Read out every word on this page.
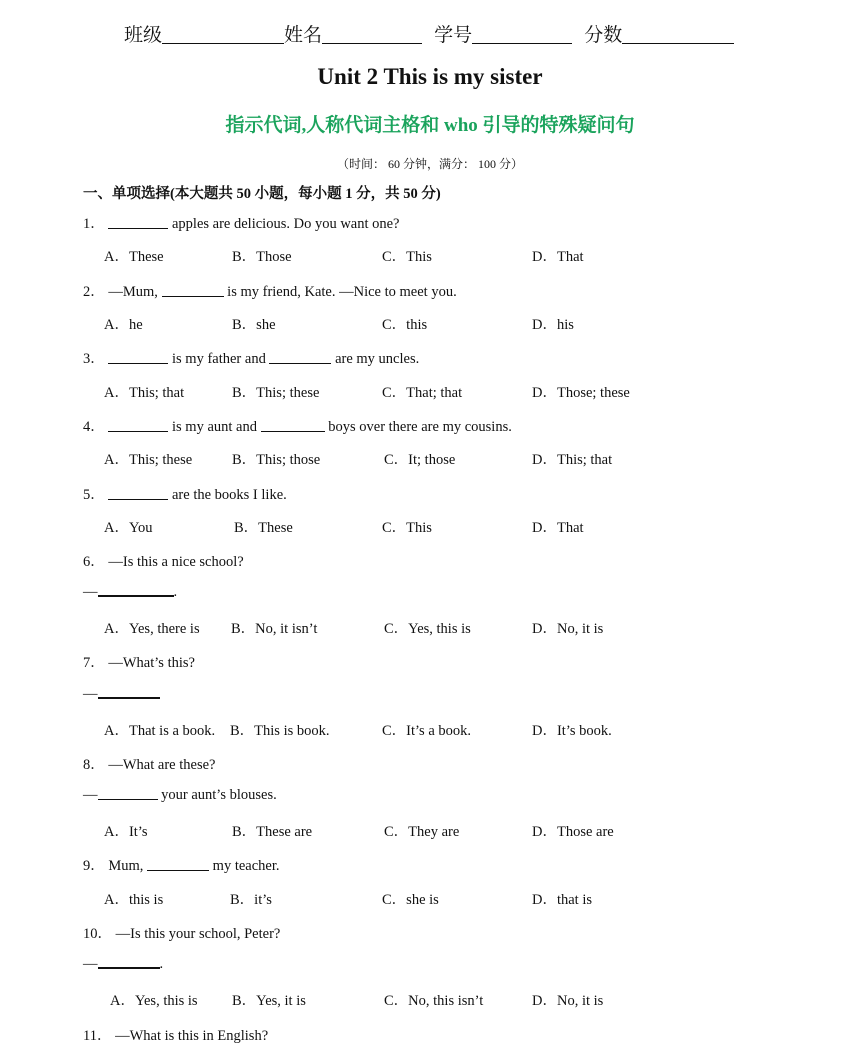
班级	姓名	学号	分数
Unit 2 This is my sister
指示代词,人称代词主格和 who 引导的特殊疑问句
（时间： 60 分钟，满分： 100 分）
一、单项选择(本大题共 50 小题，每小题 1 分，共 50 分)
1．	apples are delicious. Do you want one?
A．These	B．Those	C．This	D．That
2． —Mum,	is my friend, Kate. —Nice to meet you.
A．he	B．she	C．this	D．his
3．	is my father and	are my uncles.
A．This; that	B．This; these	C．That; that	D．Those; these
4．	is my aunt and	boys over there are my cousins.
A．This; these	B．This; those	C．It; those	D．This; that
5．	are the books I like.
A．You	B．These	C．This	D．That
6． —Is this a nice school?
—	.
A．Yes, there is B．No, it isn’t	C．Yes, this is	D．No, it is
7． —What’s this?
—
A．That is a book. B．This is book.	C．It’s a book.	D．It’s book.
8． —What are these?
—	your aunt’s blouses.
A．It’s	B．These are	C．They are	D．Those are
9． Mum,	my teacher.
A．this is	B．it’s	C．she is	D．that is
10． —Is this your school, Peter?
—	.
A．Yes, this is B．Yes, it is	C．No, this isn’t	D．No, it is
11． —What is this in English?
